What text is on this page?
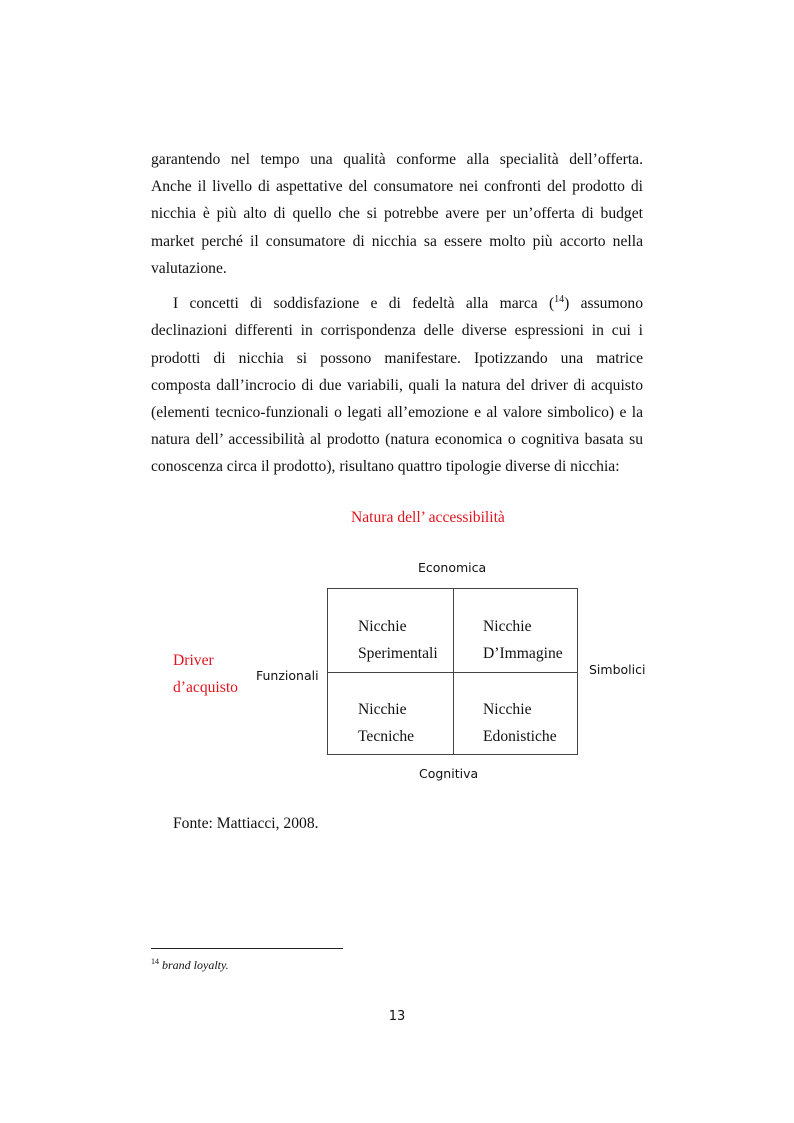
garantendo nel tempo una qualità conforme alla specialità dell’offerta.
Anche il livello di aspettative del consumatore nei confronti del prodotto di
nicchia è più alto di quello che si potrebbe avere per un’offerta di budget
market perché il consumatore di nicchia sa essere molto più accorto nella
valutazione.
I concetti di soddisfazione e di fedeltà alla marca ($^{14}$) assumono
declinazioni differenti in corrispondenza delle diverse espressioni in cui i
prodotti di nicchia si possono manifestare. Ipotizzando una matrice
composta dall’incrocio di due variabili, quali la natura del driver di acquisto
(elementi tecnico-funzionali o legati all’emozione e al valore simbolico) e la
natura dell’ accessibilità al prodotto (natura economica o cognitiva basata su
conoscenza circa il prodotto), risultano quattro tipologie diverse di nicchia:
Natura dell’ accessibilità
Economica
Cognitiva
Funzionali	Simbolici
Driver
d’acquisto
Nicchie
Sperimentali
Nicchie
D’Immagine
Nicchie
Tecniche
Nicchie
Edonistiche
Fonte: Mattiacci, 2008.
$^{14}$ brand loyalty.
13
